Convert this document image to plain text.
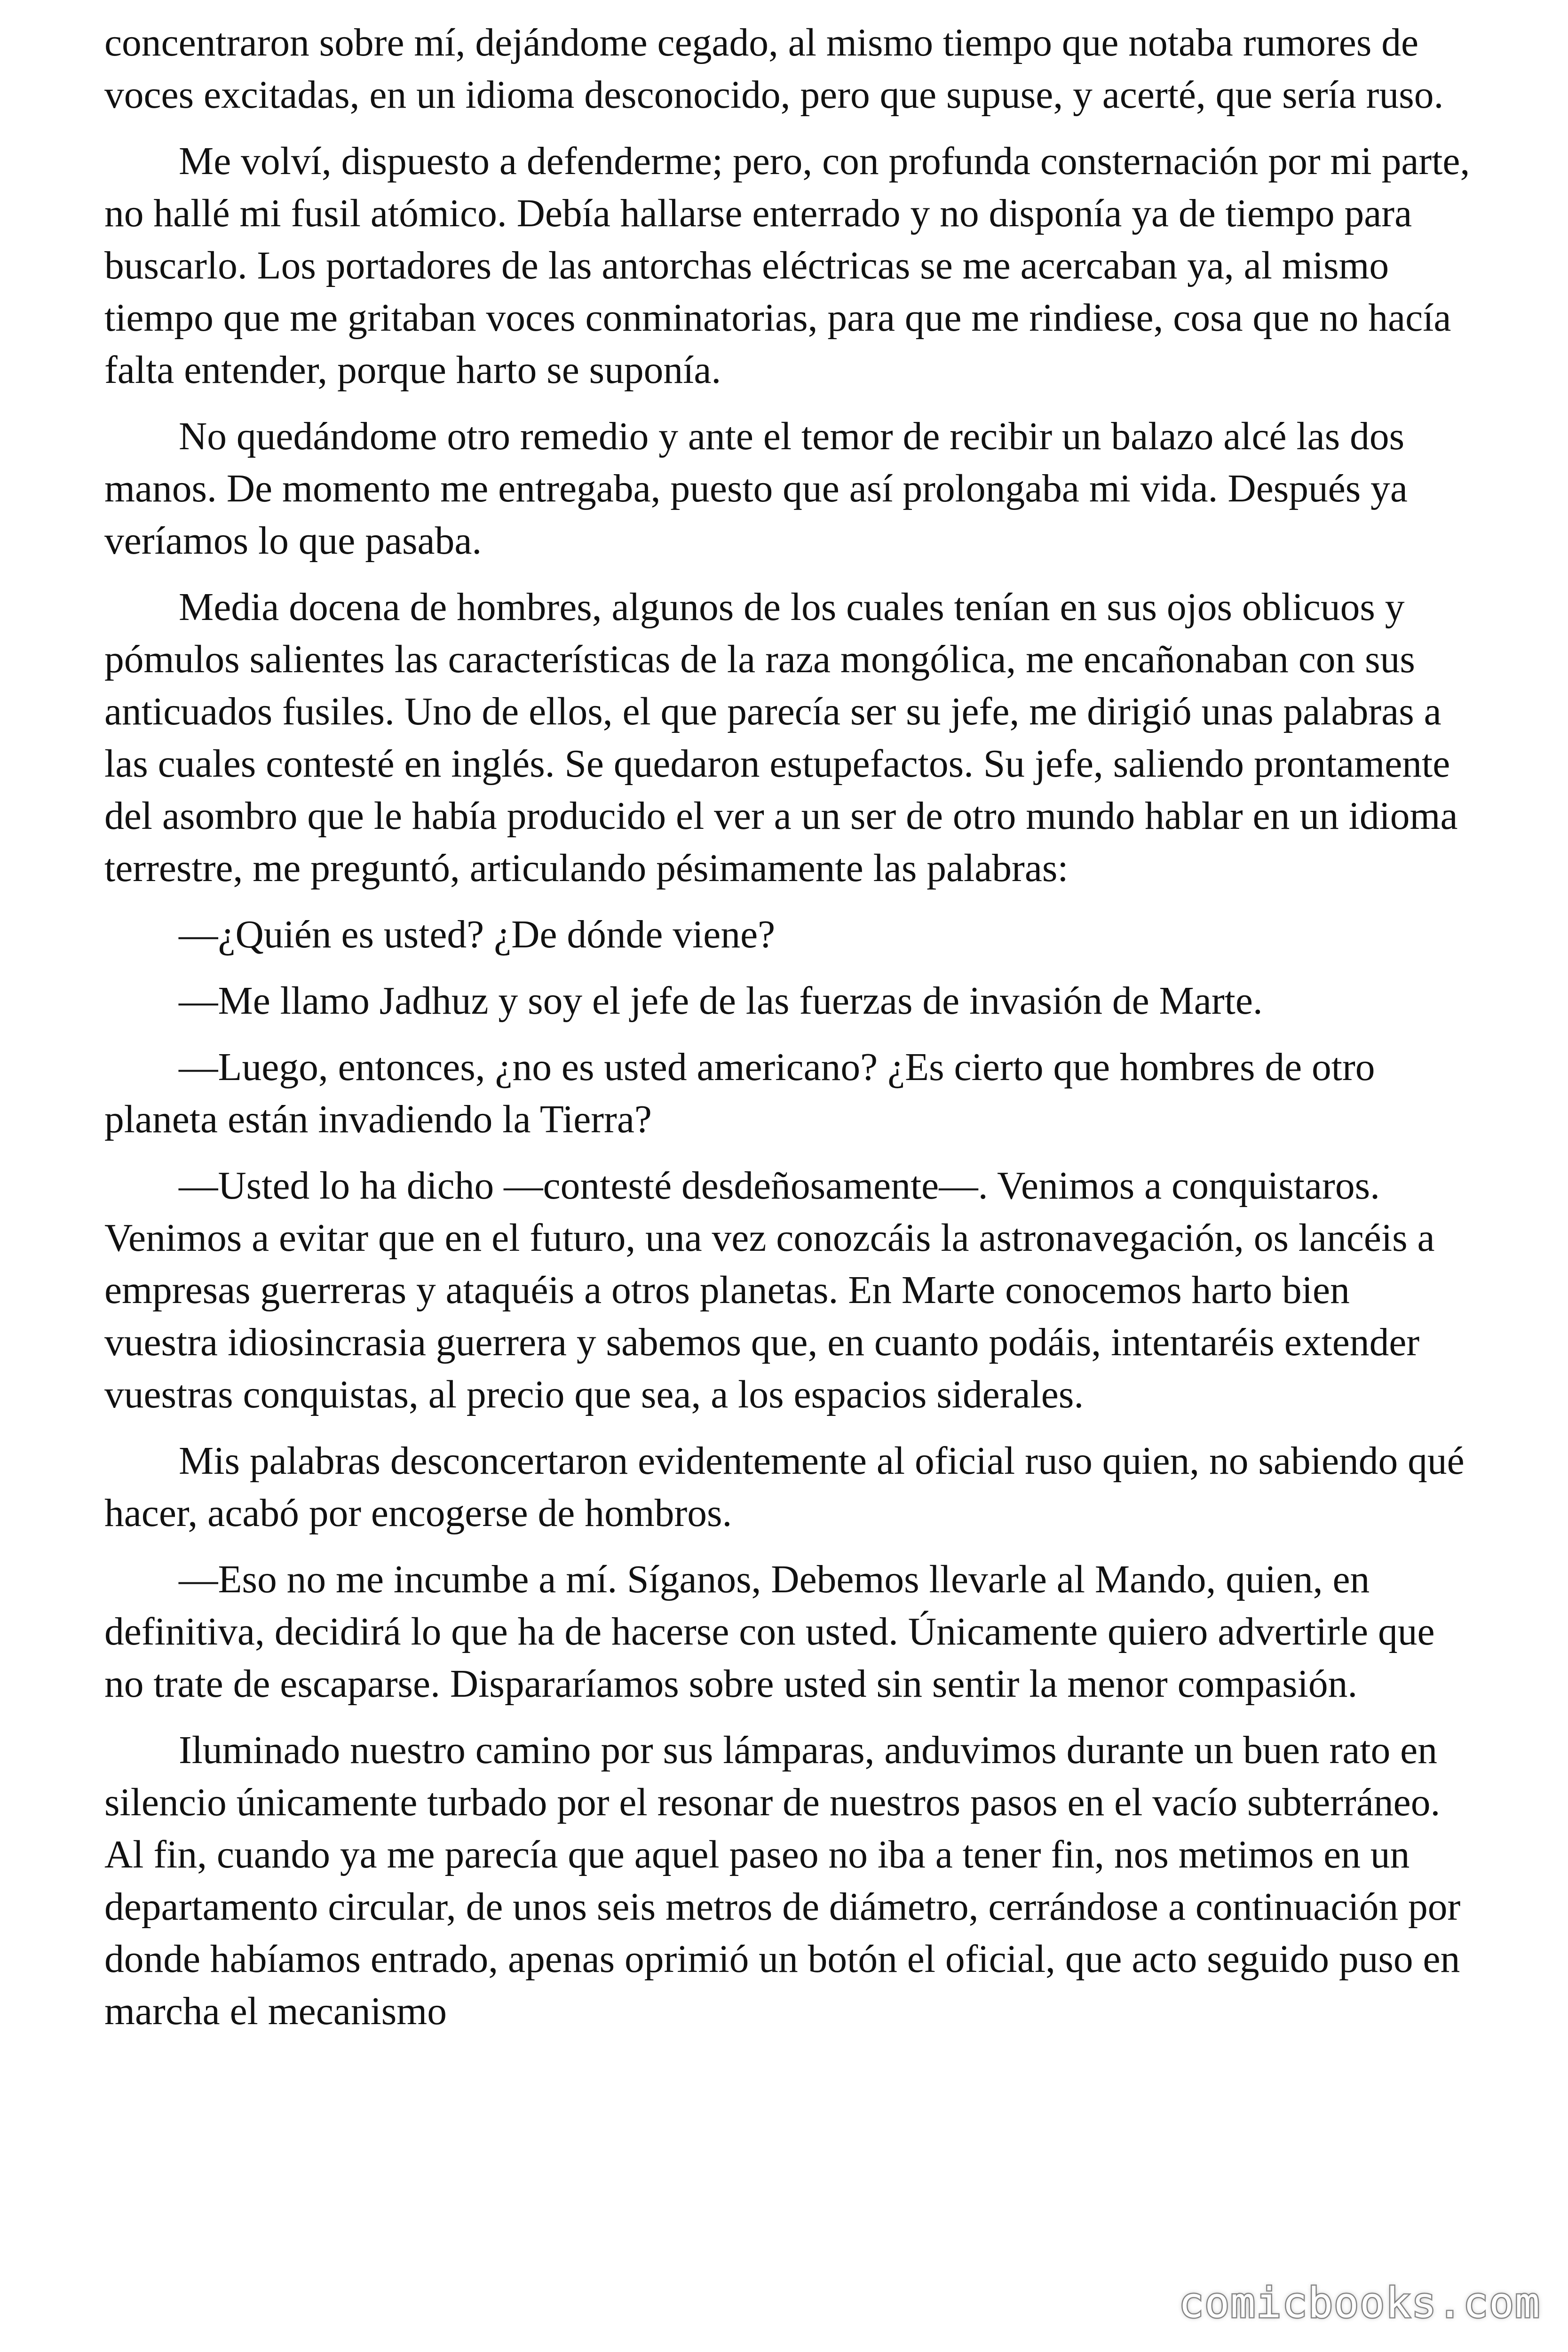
concentraron sobre mí, dejándome cegado, al mismo tiempo que notaba rumores de voces excitadas, en un idioma desconocido, pero que supuse, y acerté, que sería ruso.

Me volví, dispuesto a defenderme; pero, con profunda consternación por mi parte, no hallé mi fusil atómico. Debía hallarse enterrado y no disponía ya de tiempo para buscarlo. Los portadores de las antorchas eléctricas se me acercaban ya, al mismo tiempo que me gritaban voces conminatorias, para que me rindiese, cosa que no hacía falta entender, porque harto se suponía.

No quedándome otro remedio y ante el temor de recibir un balazo alcé las dos manos. De momento me entregaba, puesto que así prolongaba mi vida. Después ya veríamos lo que pasaba.

Media docena de hombres, algunos de los cuales tenían en sus ojos oblicuos y pómulos salientes las características de la raza mongólica, me encañonaban con sus anticuados fusiles. Uno de ellos, el que parecía ser su jefe, me dirigió unas palabras a las cuales contesté en inglés. Se quedaron estupefactos. Su jefe, saliendo prontamente del asombro que le había producido el ver a un ser de otro mundo hablar en un idioma terrestre, me preguntó, articulando pésimamente las palabras:

—¿Quién es usted? ¿De dónde viene?

—Me llamo Jadhuz y soy el jefe de las fuerzas de invasión de Marte.

—Luego, entonces, ¿no es usted americano? ¿Es cierto que hombres de otro planeta están invadiendo la Tierra?

—Usted lo ha dicho —contesté desdeñosamente—. Venimos a conquistaros. Venimos a evitar que en el futuro, una vez conozcáis la astronavegación, os lancéis a empresas guerreras y ataquéis a otros planetas. En Marte conocemos harto bien vuestra idiosincrasia guerrera y sabemos que, en cuanto podáis, intentaréis extender vuestras conquistas, al precio que sea, a los espacios siderales.

Mis palabras desconcertaron evidentemente al oficial ruso quien, no sabiendo qué hacer, acabó por encogerse de hombros.

—Eso no me incumbe a mí. Síganos, Debemos llevarle al Mando, quien, en definitiva, decidirá lo que ha de hacerse con usted. Únicamente quiero advertirle que no trate de escaparse. Dispararíamos sobre usted sin sentir la menor compasión.

Iluminado nuestro camino por sus lámparas, anduvimos durante un buen rato en silencio únicamente turbado por el resonar de nuestros pasos en el vacío subterráneo. Al fin, cuando ya me parecía que aquel paseo no iba a tener fin, nos metimos en un departamento circular, de unos seis metros de diámetro, cerrándose a continuación por donde habíamos entrado, apenas oprimió un botón el oficial, que acto seguido puso en marcha el mecanismo

comicbooks.com
